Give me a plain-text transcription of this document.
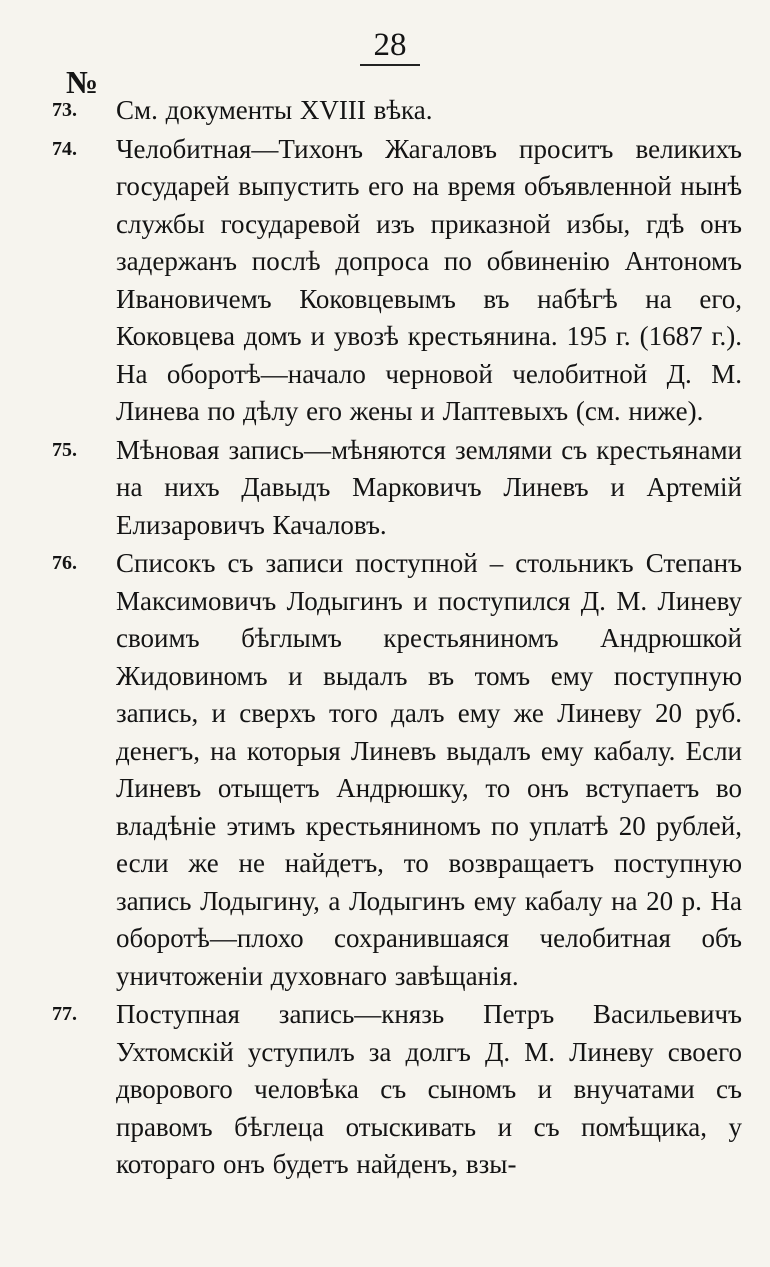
28
№
73. См. документы XVIII вѣка.
74. Челобитная—Тихонъ Жагаловъ проситъ великихъ государей выпустить его на время объявленной нынѣ службы государевой изъ приказной избы, гдѣ онъ задержанъ послѣ допроса по обвиненію Антономъ Ивановичемъ Коковцевымъ въ набѣгѣ на его, Коковцева домъ и увозѣ крестьянина. 195 г. (1687 г.). На оборотѣ—начало черновой челобитной Д. М. Линева по дѣлу его жены и Лаптевыхъ (см. ниже).
75. Мѣновая запись—мѣняются землями съ крестьянами на нихъ Давыдъ Марковичъ Линевъ и Артемій Елизаровичъ Качаловъ.
76. Списокъ съ записи поступной – стольникъ Степанъ Максимовичъ Лодыгинъ и поступился Д. М. Линеву своимъ бѣглымъ крестьяниномъ Андрюшкой Жидовиномъ и выдалъ въ томъ ему поступную запись, и сверхъ того далъ ему же Линеву 20 руб. денегъ, на которыя Линевъ выдалъ ему кабалу. Если Линевъ отыщетъ Андрюшку, то онъ вступаетъ во владѣніе этимъ крестьяниномъ по уплатѣ 20 рублей, если же не найдетъ, то возвращаетъ поступную запись Лодыгину, а Лодыгинъ ему кабалу на 20 р. На оборотѣ—плохо сохранившаяся челобитная объ уничтоженіи духовнаго завѣщанія.
77. Поступная запись—князь Петръ Васильевичъ Ухтомскій уступилъ за долгъ Д. М. Линеву своего дворового человѣка съ сыномъ и внучатами съ правомъ бѣглеца отыскивать и съ помѣщика, у котораго онъ будетъ найденъ, взы-
